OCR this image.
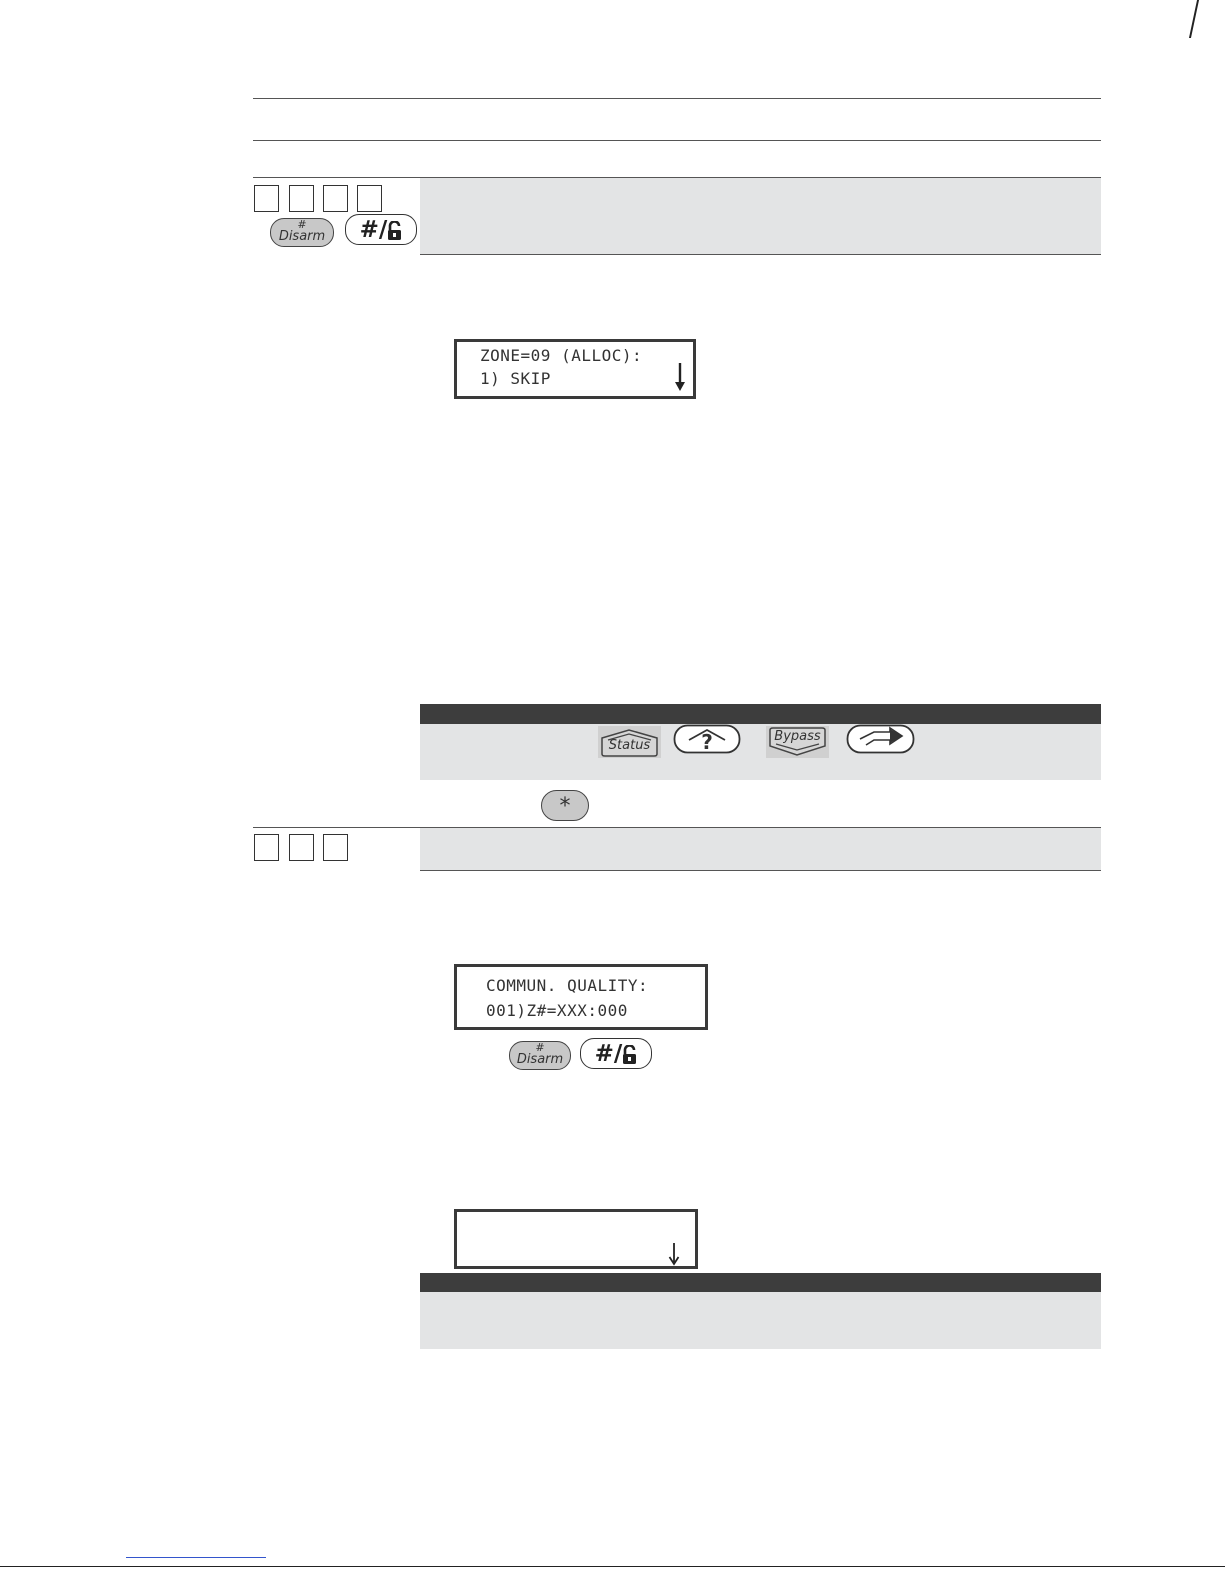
#
Disarm	#/

ZONE=09 (ALLOC):

1) SKIP

Status	?	Bypass
*

COMMUN. QUALITY:

001)Z#=XXX:000

#
Disarm	#/
